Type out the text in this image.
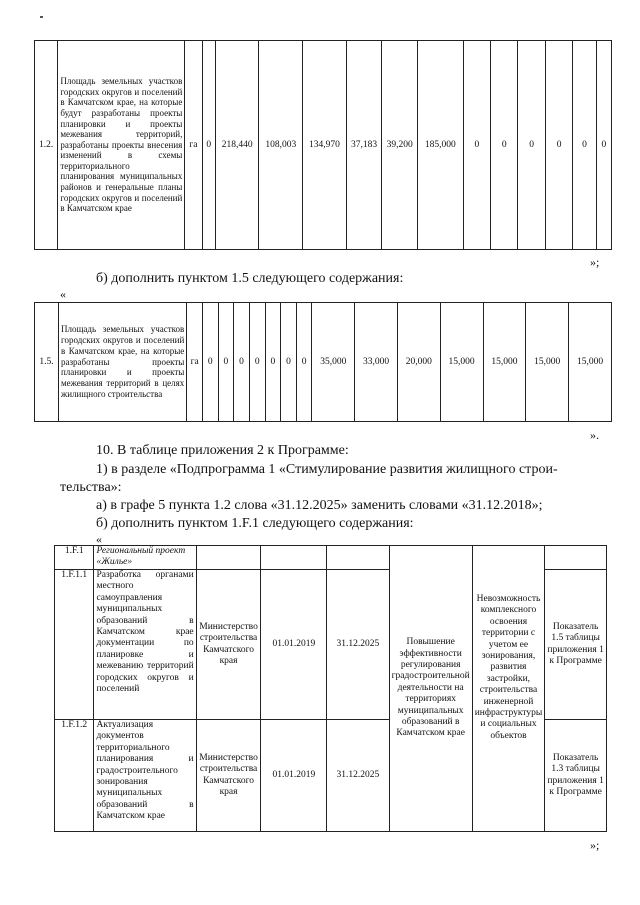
1.2.	Площадь земельных участков городских округов и поселений в Камчатском крае, на которые будут разработаны проекты планировки и проекты межевания территорий, разработаны проекты внесения изменений в схемы территориального планирования муниципальных районов и генеральные планы городских округов и поселений в Камчатском крае	га	0	218,440	108,003	134,970	37,183	39,200	185,000	0	0	0	0	0	0
»;
б) дополнить пунктом 1.5 следующего содержания:
«
1.5.	Площадь земельных участков городских округов и поселений в Камчатском крае, на которые разработаны проекты планировки и проекты межевания территорий в целях жилищного строительства	га	0	0	0	0	0	0	0	35,000	33,000	20,000	15,000	15,000	15,000	15,000
».
10. В таблице приложения 2 к Программе:
1) в разделе «Подпрограмма 1 «Стимулирование развития жилищного строи-
тельства»:
а) в графе 5 пункта 1.2 слова «31.12.2025» заменить словами «31.12.2018»;
б) дополнить пунктом 1.F.1 следующего содержания:
«
1.F.1	Региональный проект «Жилье»				Повышение эффективности регулирования градостроительной деятельности на территориях муниципальных образований в Камчатском крае	Невозможность комплексного освоения территории с учетом ее зонирования, развития застройки, строительства инженерной инфраструктуры и социальных объектов	
1.F.1.1	Разработка органами местного самоуправления муниципальных образований в Камчатском крае документации по планировке и межеванию территорий городских округов и поселений	Министерство строительства Камчатского края	01.01.2019	31.12.2025			Показатель 1.5 таблицы приложения 1 к Программе
1.F.1.2	Актуализация документов территориального планирования и градостроительного зонирования муниципальных образований в Камчатском крае	Министерство строительства Камчатского края	01.01.2019	31.12.2025			Показатель 1.3 таблицы приложения 1 к Программе
»;
